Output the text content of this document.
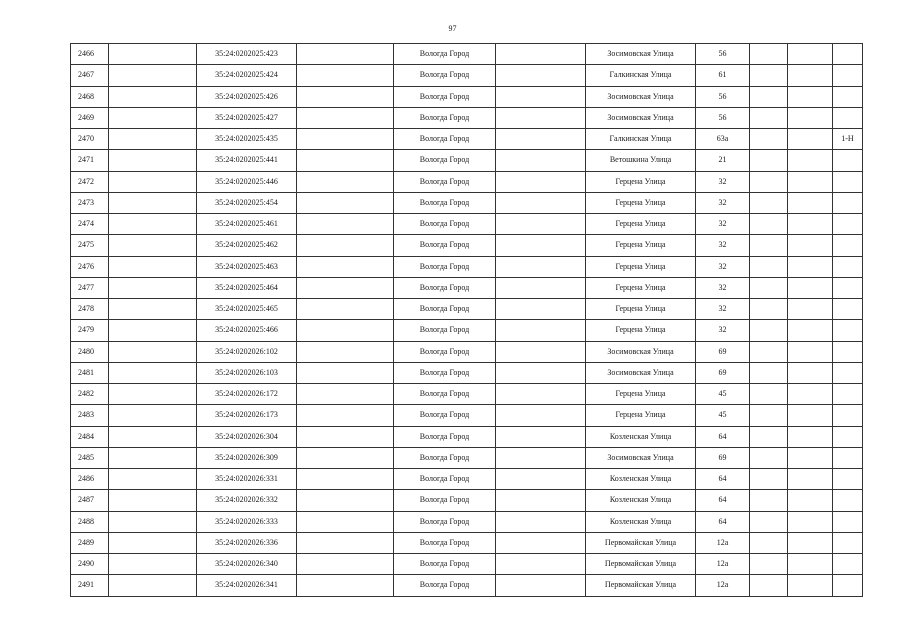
97
2466		35:24:0202025:423		Вологда Город		Зосимовская Улица	56			
2467		35:24:0202025:424		Вологда Город		Галкинская Улица	61			
2468		35:24:0202025:426		Вологда Город		Зосимовская Улица	56			
2469		35:24:0202025:427		Вологда Город		Зосимовская Улица	56			
2470		35:24:0202025:435		Вологда Город		Галкинская Улица	63а			1-Н
2471		35:24:0202025:441		Вологда Город		Ветошкина Улица	21			
2472		35:24:0202025:446		Вологда Город		Герцена Улица	32			
2473		35:24:0202025:454		Вологда Город		Герцена Улица	32			
2474		35:24:0202025:461		Вологда Город		Герцена Улица	32			
2475		35:24:0202025:462		Вологда Город		Герцена Улица	32			
2476		35:24:0202025:463		Вологда Город		Герцена Улица	32			
2477		35:24:0202025:464		Вологда Город		Герцена Улица	32			
2478		35:24:0202025:465		Вологда Город		Герцена Улица	32			
2479		35:24:0202025:466		Вологда Город		Герцена Улица	32			
2480		35:24:0202026:102		Вологда Город		Зосимовская Улица	69			
2481		35:24:0202026:103		Вологда Город		Зосимовская Улица	69			
2482		35:24:0202026:172		Вологда Город		Герцена Улица	45			
2483		35:24:0202026:173		Вологда Город		Герцена Улица	45			
2484		35:24:0202026:304		Вологда Город		Козленская Улица	64			
2485		35:24:0202026:309		Вологда Город		Зосимовская Улица	69			
2486		35:24:0202026:331		Вологда Город		Козленская Улица	64			
2487		35:24:0202026:332		Вологда Город		Козленская Улица	64			
2488		35:24:0202026:333		Вологда Город		Козленская Улица	64			
2489		35:24:0202026:336		Вологда Город		Первомайская Улица	12а			
2490		35:24:0202026:340		Вологда Город		Первомайская Улица	12а			
2491		35:24:0202026:341		Вологда Город		Первомайская Улица	12а			
